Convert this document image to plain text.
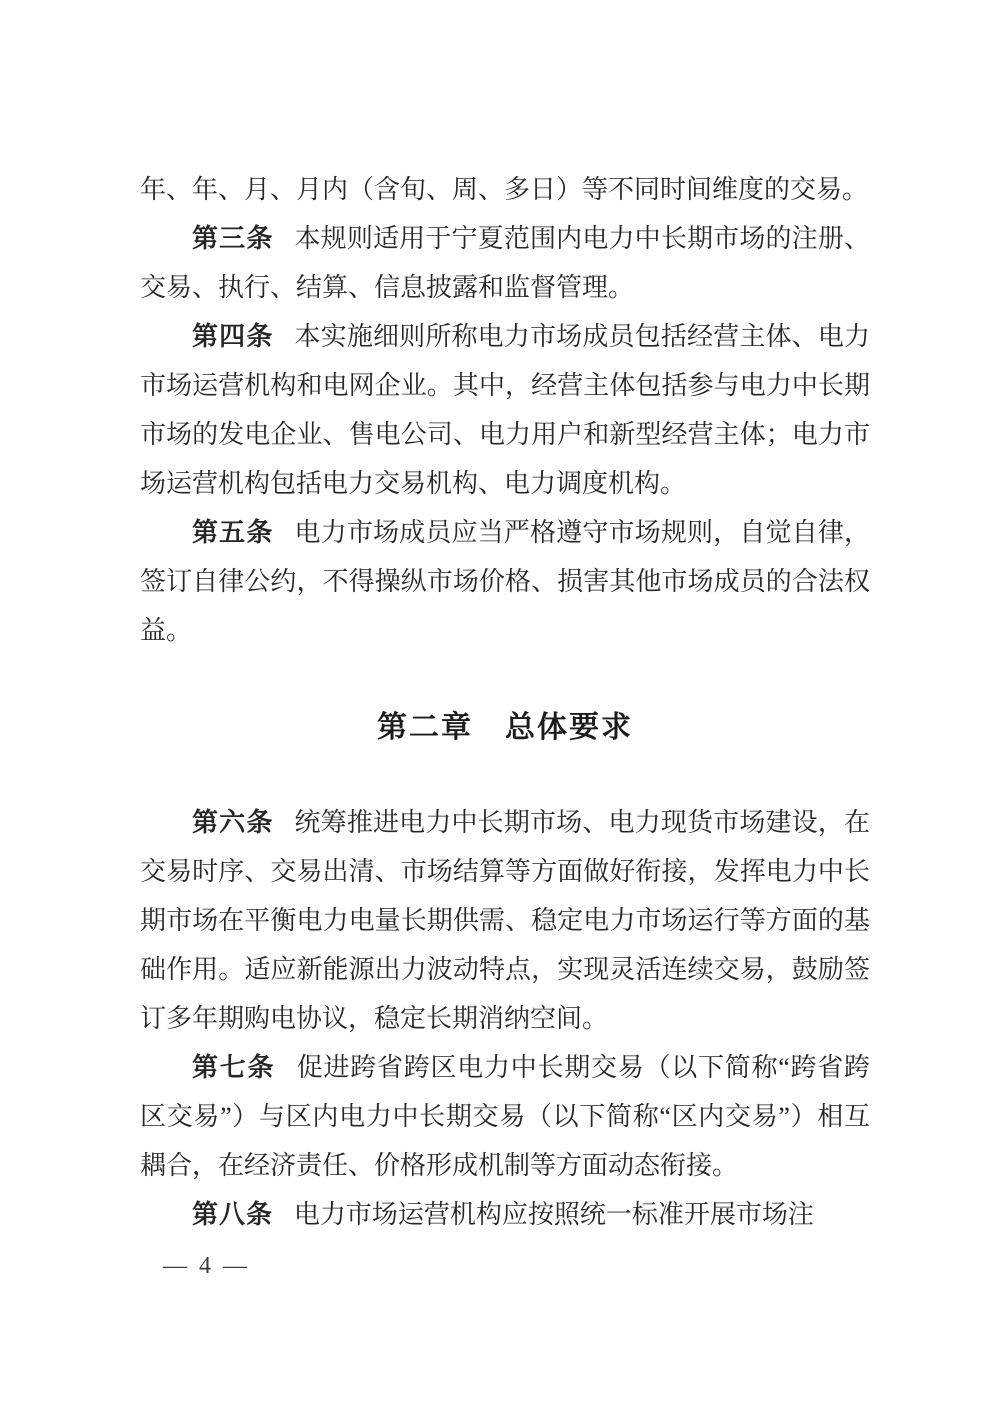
年、年、月、月内（含旬、周、多日）等不同时间维度的交易。

第三条 本规则适用于宁夏范围内电力中长期市场的注册、交易、执行、结算、信息披露和监督管理。

第四条 本实施细则所称电力市场成员包括经营主体、电力市场运营机构和电网企业。其中，经营主体包括参与电力中长期市场的发电企业、售电公司、电力用户和新型经营主体；电力市场运营机构包括电力交易机构、电力调度机构。

第五条 电力市场成员应当严格遵守市场规则，自觉自律，签订自律公约，不得操纵市场价格、损害其他市场成员的合法权益。

第二章　总体要求

第六条 统筹推进电力中长期市场、电力现货市场建设，在交易时序、交易出清、市场结算等方面做好衔接，发挥电力中长期市场在平衡电力电量长期供需、稳定电力市场运行等方面的基础作用。适应新能源出力波动特点，实现灵活连续交易，鼓励签订多年期购电协议，稳定长期消纳空间。

第七条 促进跨省跨区电力中长期交易（以下简称“跨省跨区交易”）与区内电力中长期交易（以下简称“区内交易”）相互耦合，在经济责任、价格形成机制等方面动态衔接。

第八条 电力市场运营机构应按照统一标准开展市场注

— 4 —
